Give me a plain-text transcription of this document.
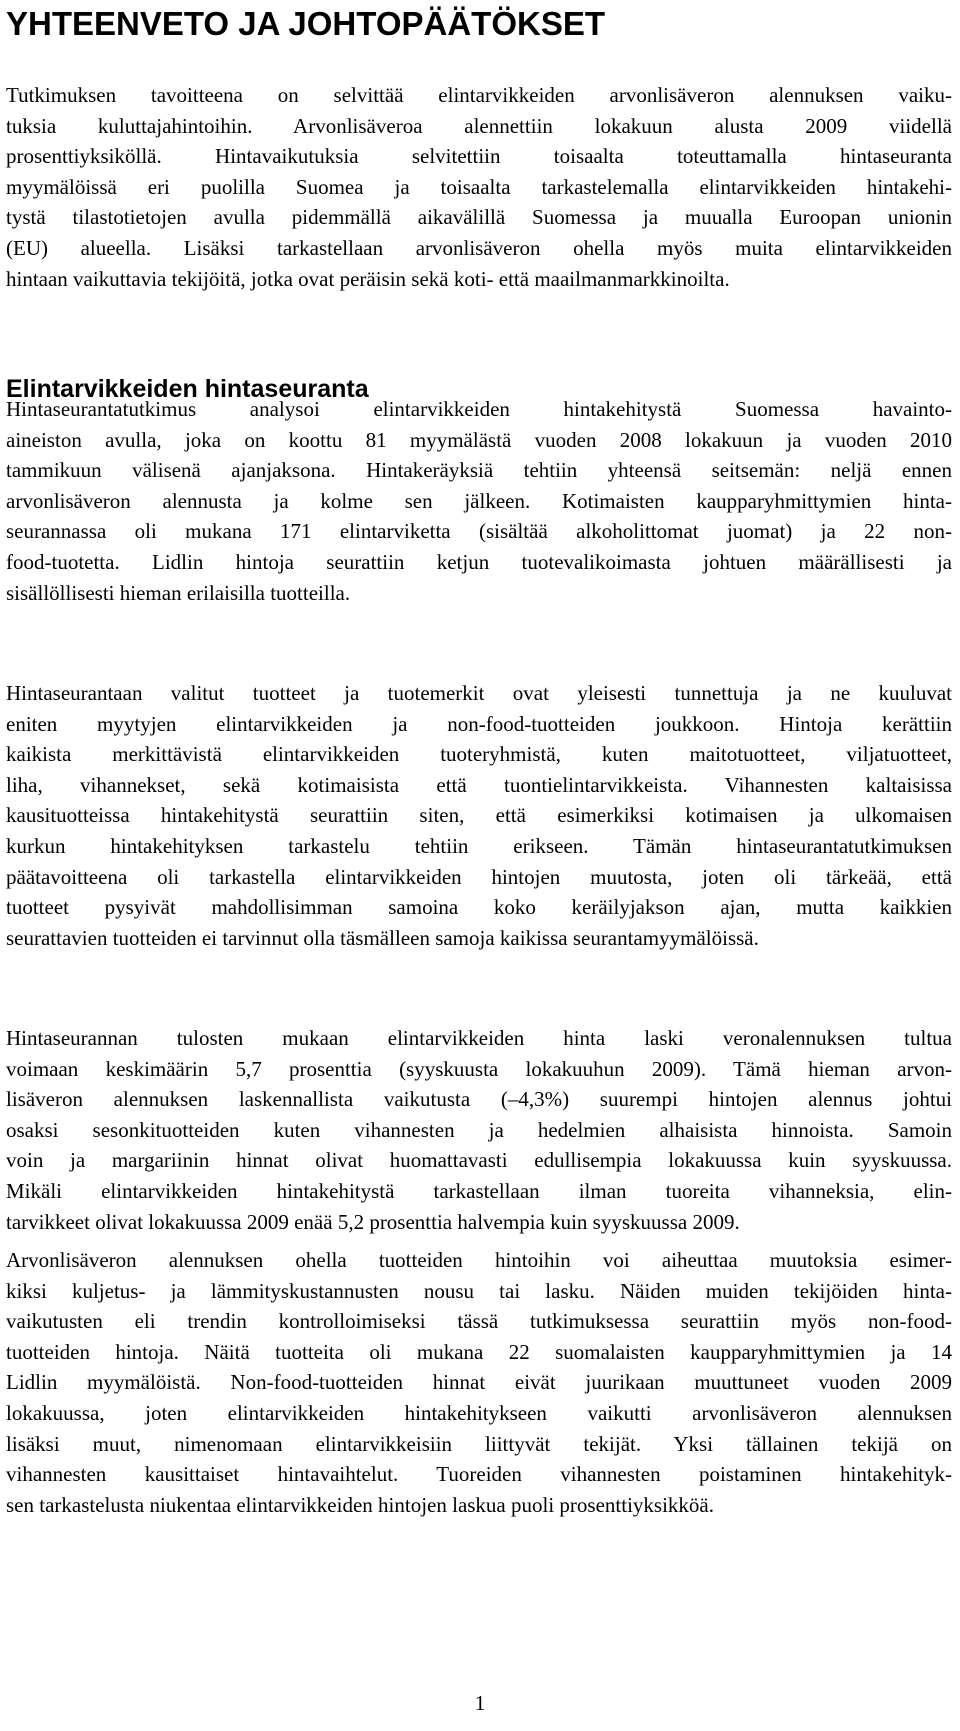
YHTEENVETO JA JOHTOPÄÄTÖKSET

Tutkimuksen tavoitteena on selvittää elintarvikkeiden arvonlisäveron alennuksen vaiku-
tuksia kuluttajahintoihin. Arvonlisäveroa alennettiin lokakuun alusta 2009 viidellä
prosenttiyksiköllä. Hintavaikutuksia selvitettiin toisaalta toteuttamalla hintaseuranta
myymälöissä eri puolilla Suomea ja toisaalta tarkastelemalla elintarvikkeiden hintakehi-
tystä tilastotietojen avulla pidemmällä aikavälillä Suomessa ja muualla Euroopan unionin
(EU) alueella. Lisäksi tarkastellaan arvonlisäveron ohella myös muita elintarvikkeiden
hintaan vaikuttavia tekijöitä, jotka ovat peräisin sekä koti- että maailmanmarkkinoilta.

Elintarvikkeiden hintaseuranta

Hintaseurantatutkimus analysoi elintarvikkeiden hintakehitystä Suomessa havainto-
aineiston avulla, joka on koottu 81 myymälästä vuoden 2008 lokakuun ja vuoden 2010
tammikuun välisenä ajanjaksona. Hintakeräyksiä tehtiin yhteensä seitsemän: neljä ennen
arvonlisäveron alennusta ja kolme sen jälkeen. Kotimaisten kaupparyhmittymien hinta-
seurannassa oli mukana 171 elintarviketta (sisältää alkoholittomat juomat) ja 22 non-
food-tuotetta. Lidlin hintoja seurattiin ketjun tuotevalikoimasta johtuen määrällisesti ja
sisällöllisesti hieman erilaisilla tuotteilla.

Hintaseurantaan valitut tuotteet ja tuotemerkit ovat yleisesti tunnettuja ja ne kuuluvat
eniten myytyjen elintarvikkeiden ja non-food-tuotteiden joukkoon. Hintoja kerättiin
kaikista merkittävistä elintarvikkeiden tuoteryhmistä, kuten maitotuotteet, viljatuotteet,
liha, vihannekset, sekä kotimaisista että tuontielintarvikkeista. Vihannesten kaltaisissa
kausituotteissa hintakehitystä seurattiin siten, että esimerkiksi kotimaisen ja ulkomaisen
kurkun hintakehityksen tarkastelu tehtiin erikseen. Tämän hintaseurantatutkimuksen
päätavoitteena oli tarkastella elintarvikkeiden hintojen muutosta, joten oli tärkeää, että
tuotteet pysyivät mahdollisimman samoina koko keräilyjakson ajan, mutta kaikkien
seurattavien tuotteiden ei tarvinnut olla täsmälleen samoja kaikissa seurantamyymälöissä.

Hintaseurannan tulosten mukaan elintarvikkeiden hinta laski veronalennuksen tultua
voimaan keskimäärin 5,7 prosenttia (syyskuusta lokakuuhun 2009). Tämä hieman arvon-
lisäveron alennuksen laskennallista vaikutusta (–4,3%) suurempi hintojen alennus johtui
osaksi sesonkituotteiden kuten vihannesten ja hedelmien alhaisista hinnoista. Samoin
voin ja margariinin hinnat olivat huomattavasti edullisempia lokakuussa kuin syyskuussa.
Mikäli elintarvikkeiden hintakehitystä tarkastellaan ilman tuoreita vihanneksia, elin-
tarvikkeet olivat lokakuussa 2009 enää 5,2 prosenttia halvempia kuin syyskuussa 2009.

Arvonlisäveron alennuksen ohella tuotteiden hintoihin voi aiheuttaa muutoksia esimer-
kiksi kuljetus- ja lämmityskustannusten nousu tai lasku. Näiden muiden tekijöiden hinta-
vaikutusten eli trendin kontrolloimiseksi tässä tutkimuksessa seurattiin myös non-food-
tuotteiden hintoja. Näitä tuotteita oli mukana 22 suomalaisten kaupparyhmittymien ja 14
Lidlin myymälöistä. Non-food-tuotteiden hinnat eivät juurikaan muuttuneet vuoden 2009
lokakuussa, joten elintarvikkeiden hintakehitykseen vaikutti arvonlisäveron alennuksen
lisäksi muut, nimenomaan elintarvikkeisiin liittyvät tekijät. Yksi tällainen tekijä on
vihannesten kausittaiset hintavaihtelut. Tuoreiden vihannesten poistaminen hintakehityk-
sen tarkastelusta niukentaa elintarvikkeiden hintojen laskua puoli prosenttiyksikköä.

1
